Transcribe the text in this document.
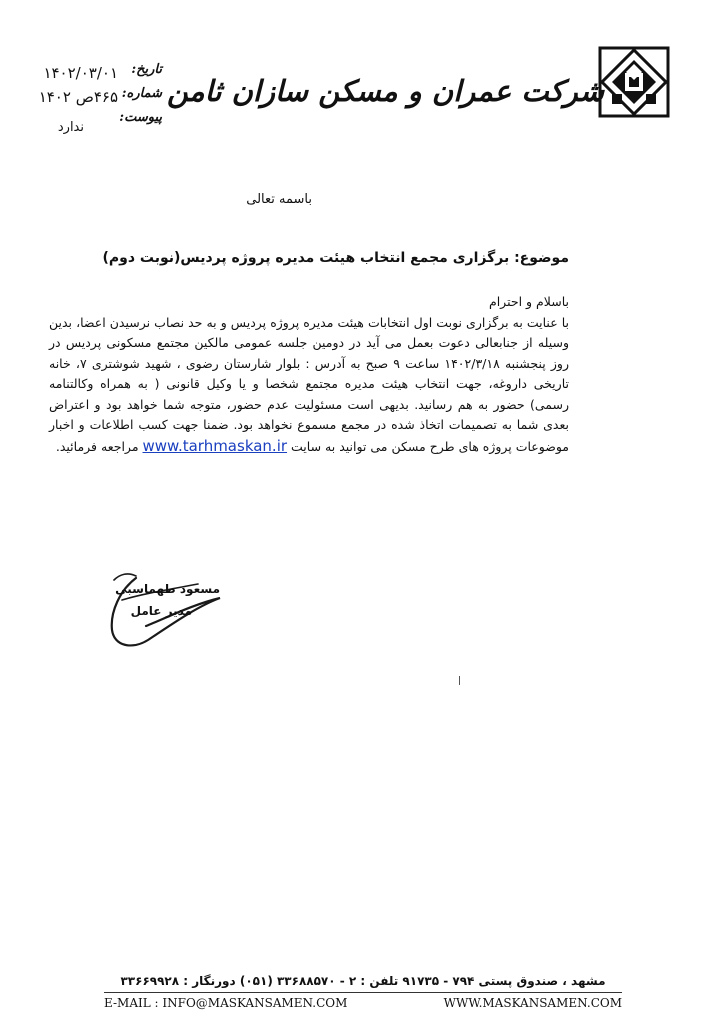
شرکت عمران و مسکن سازان ثامن
تاریخ:
شماره:
پیوست:
۱۴۰۲/۰۳/۰۱
۴۶۵ص ۱۴۰۲
ندارد
باسمه تعالی
موضوع: برگزاری مجمع انتخاب هیئت مدیره پروژه پردیس(نوبت دوم)

باسلام و احترام

با عنایت به برگزاری نوبت اول انتخابات هیئت مدیره پروژه پردیس و به حد نصاب نرسیدن اعضا، بدین وسیله از جنابعالی دعوت بعمل می آید در دومین جلسه عمومی مالکین مجتمع مسکونی پردیس در روز پنجشنبه ۱۴۰۲/۳/۱۸ ساعت ۹ صبح به آدرس : بلوار شارستان رضوی ، شهید شوشتری ۷، خانه تاریخی داروغه، جهت انتخاب هیئت مدیره مجتمع شخصا و یا وکیل قانونی ( به همراه وکالتنامه رسمی) حضور به هم رسانید. بدیهی است مسئولیت عدم حضور، متوجه شما خواهد بود و اعتراض بعدی شما به تصمیمات اتخاذ شده در مجمع مسموع نخواهد بود. ضمنا جهت کسب اطلاعات و اخبار موضوعات پروژه های طرح مسکن می توانید به سایت www.tarhmaskan.ir مراجعه فرمائید.

مسعود طهماسبی
مدیر عامل
مشهد ، صندوق پستی ۷۹۴ - ۹۱۷۳۵ تلفن : ۲ - ۳۳۶۸۸۵۷۰ (۰۵۱) دورنگار : ۳۳۶۶۹۹۲۸
E-MAIL : INFO@MASKANSAMEN.COM	WWW.MASKANSAMEN.COM
